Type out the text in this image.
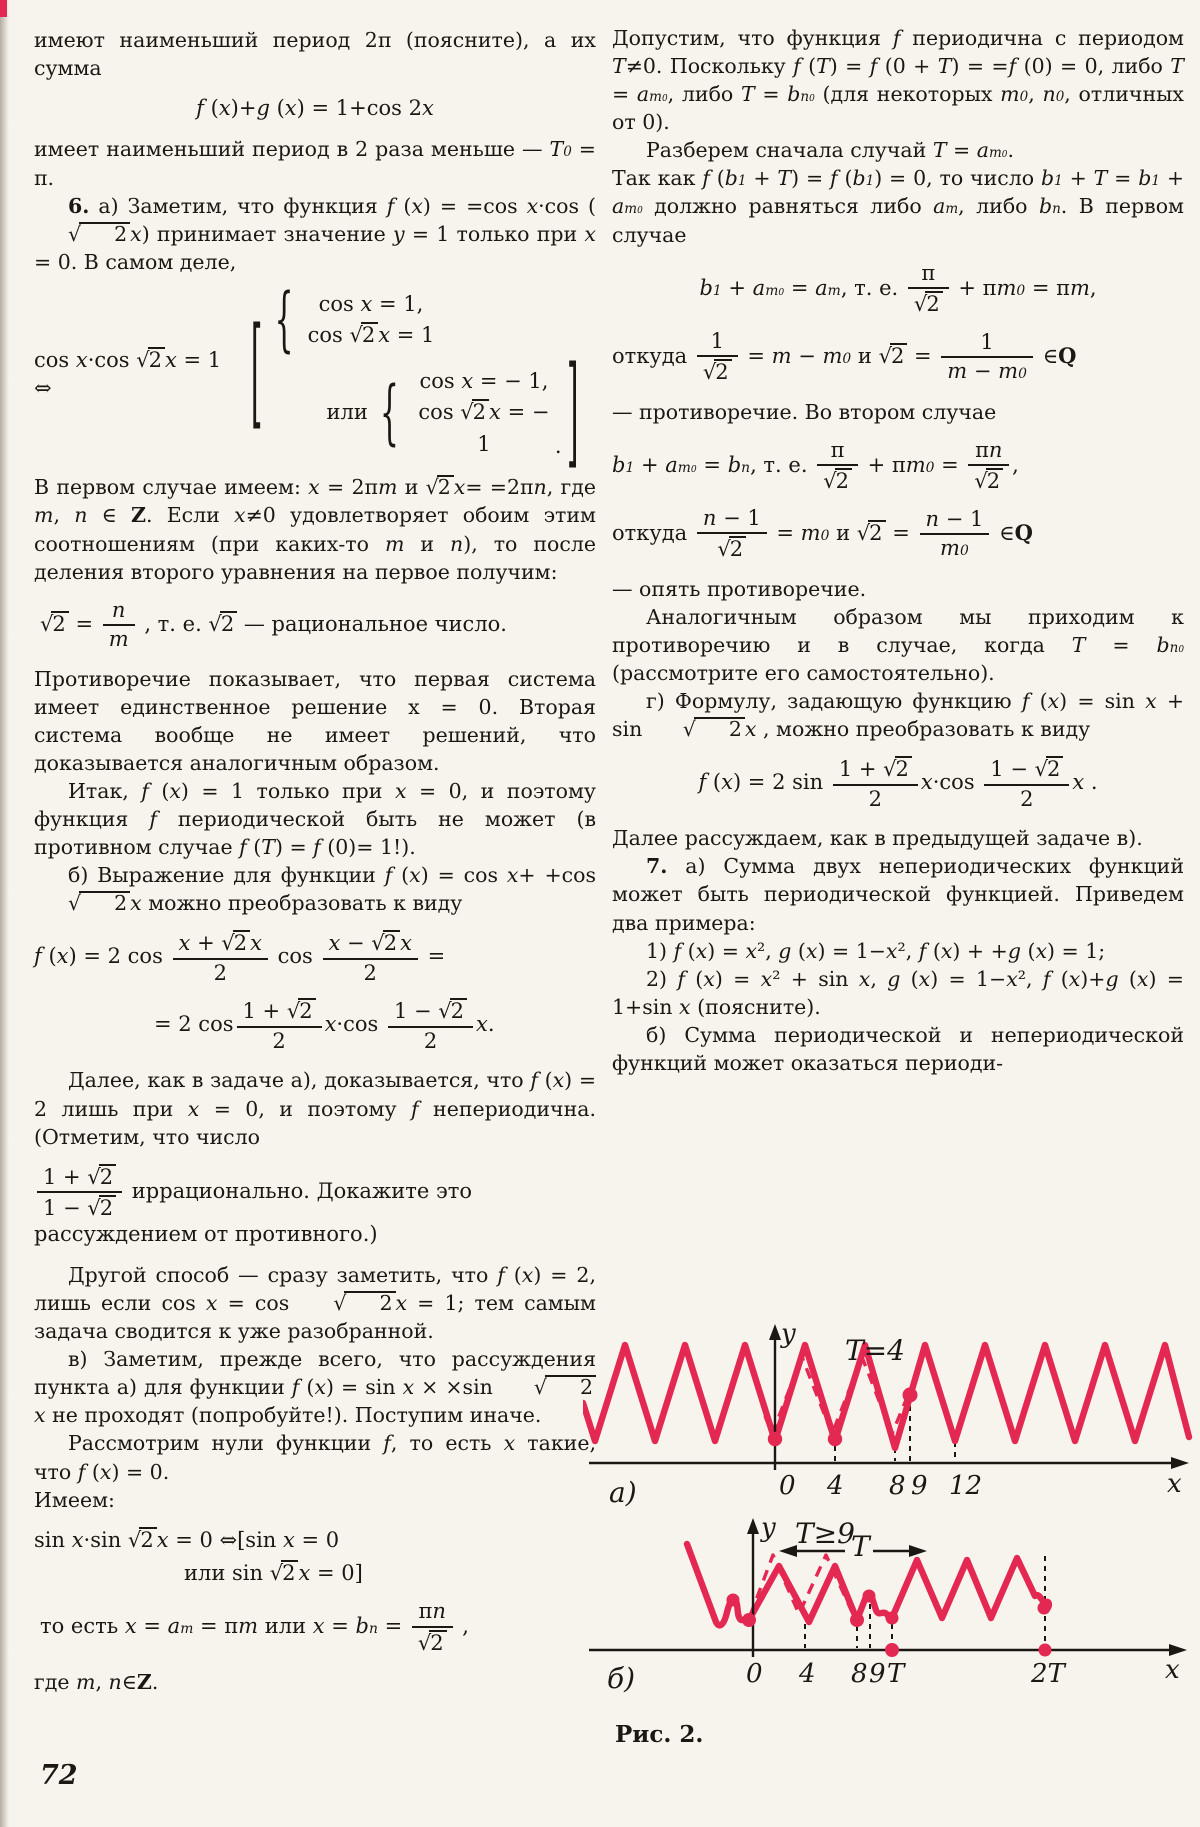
имеют наименьший период 2π (поясните), а их сумма

f (x)+g (x) = 1+cos 2x

имеет наименьший период в 2 раза меньше — T0 = π.

6. а) Заметим, что функция f (x) = =cos x·cos (√ 2 x) принимает значение y = 1 только при x = 0. В самом деле,

cos x·cos √2 x = 1 ⇔	[ {	cos x = 1,
cos √2 x = 1
или { cos x = − 1,
cos √2 x = − 1	].

В первом случае имеем: x = 2πm и √2 x= =2πn, где m, n ∈ Z. Если x≠0 удовлетворяет обоим этим соотношениям (при каких-то m и n), то после деления второго уравнения на первое получим:

$√2 = \frac{n}{m}$ , т. е. √2 — рациональное число.

Противоречие показывает, что первая система имеет единственное решение x = 0. Вторая система вообще не имеет решений, что доказывается аналогичным образом.

Итак, f (x) = 1 только при x = 0, и поэтому функция f периодической быть не может (в противном случае f (T) = f (0)= 1!).

б) Выражение для функции f (x) = cos x+ +cos √ 2 x можно преобразовать к виду

f (x) = 2 $\cos \frac{x + √2 x}{2}$ $\cos \frac{x - √2 x}{2}$ =
= 2 $\cos \frac{1 + √2}{2} x\cdot\cos \frac{1 - √2}{2} x$.

Далее, как в задаче а), доказывается, что f (x) = 2 лишь при x = 0, и поэтому f непериодична. (Отметим, что число

$\frac{1 + √2}{1 - √2}$ иррационально. Докажите это рассуждением от противного.)

Другой способ — сразу заметить, что f (x) = 2, лишь если cos x = cos √ 2 x = 1; тем самым задача сводится к уже разобранной.

в) Заметим, прежде всего, что рассуждения пункта а) для функции f (x) = sin x × ×sin √ 2x не проходят (попробуйте!). Поступим иначе.

Рассмотрим нули функции f, то есть x такие, что f (x) = 0.

Имеем:

sin x·sin √2 x = 0 ⇔[sin x = 0
или sin √2 x = 0]
то есть x = am = πm или x = bn = $\frac{\pi n}{√2}$ ,

где m, n∈Z.

Допустим, что функция f периодична с периодом T≠0. Поскольку f (T) = f (0 + T) = =f (0) = 0, либо $T = am_0$, либо $T = bn_0$ (для некоторых m0, n0, отличных от 0).

Разберем сначала случай $T = am_0$.

Так как f (b1 + T) = f (b1) = 0, то число $b1 + T = b1 + am_0$ должно равняться либо am, либо bn. В первом случае

$b1 + am_0$ = am, т. е. $\frac{\pi}{√2} + \pi m0 = \pi m$,
откуда $\frac{1}{√2} = m - m0$ и $√2 = \frac{1}{m - m0}$ ∈Q

— противоречие. Во втором случае

$b1 + am_0$ = bn, т. е. $\frac{\pi}{√2} + \pi m0 = \frac{\pi n}{√2}$ ,
откуда $\frac{n - 1}{√2} = m0$ и $√2 = \frac{n - 1}{m0}$ ∈Q

— опять противоречие.

Аналогичным образом мы приходим к противоречию и в случае, когда $T = bn_0$ (рассмотрите его самостоятельно).

г) Формулу, задающую функцию f (x) = sin x + sin √ 2 x , можно преобразовать к виду

f (x) = 2 $\sin \frac{1 + √2}{2} x\cdot\cos \frac{1 - √2}{2}$ x .

Далее рассуждаем, как в предыдущей задаче в).

7. а) Сумма двух непериодических функций может быть периодической функцией. Приведем два примера:

1) f (x) = x², g (x) = 1−x², f (x) + +g (x) = 1;

2) f (x) = x² + sin x, g (x) = 1−x², f (x)+g (x) = 1+sin x (поясните).

б) Сумма периодической и непериодической функций может оказаться периоди-

y T=4
0 4 8 9 12	x
а)
y T≥9
T
0 4 8 9 T	2T	x
б)
Рис. 2.
72
